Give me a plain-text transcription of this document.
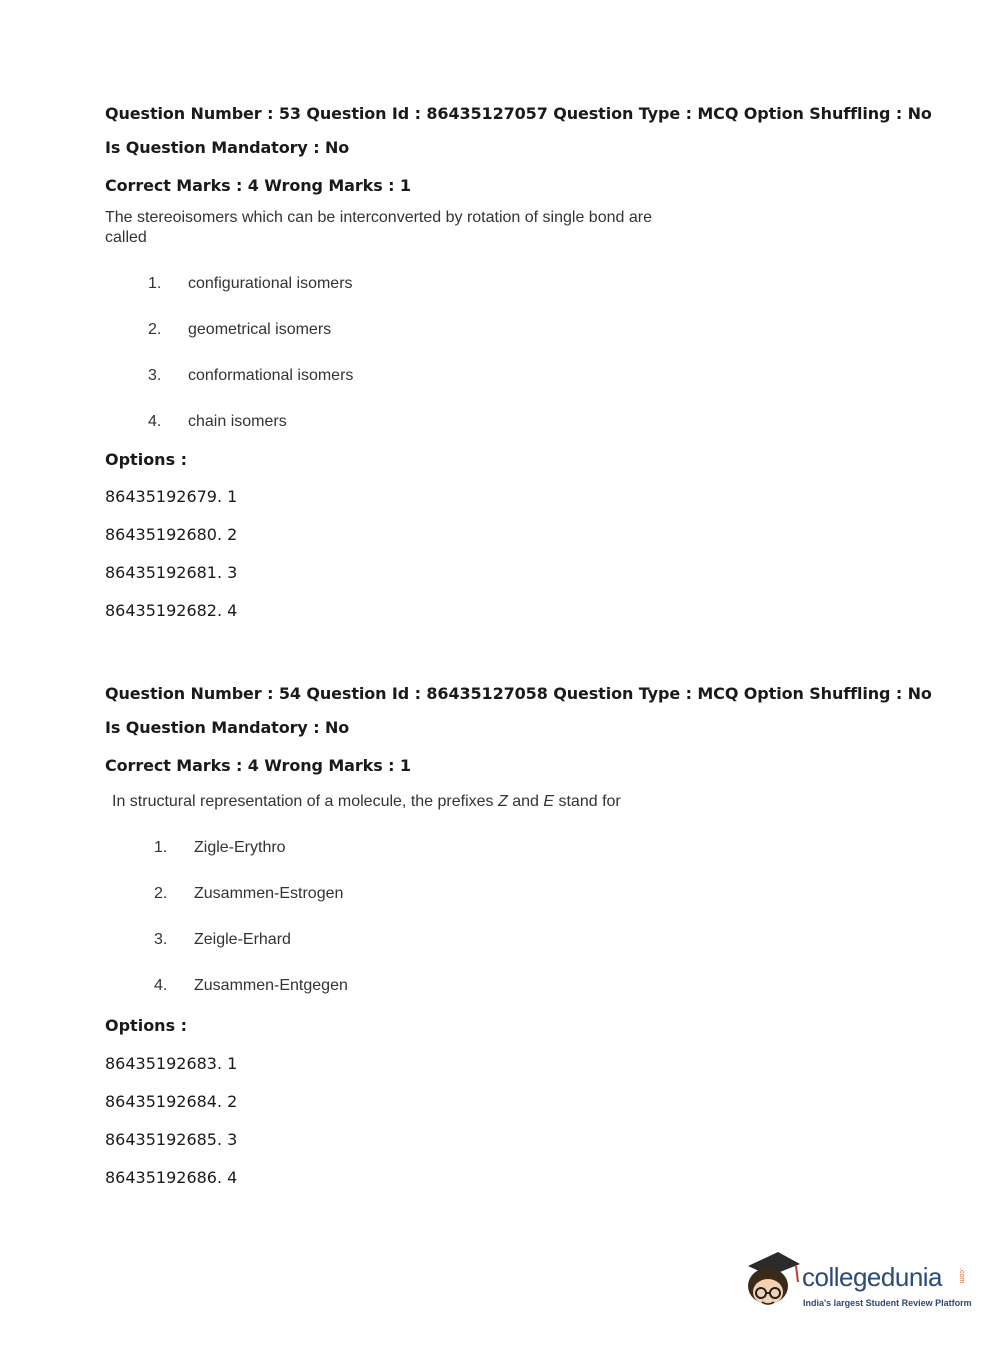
Question Number : 53 Question Id : 86435127057 Question Type : MCQ Option Shuffling : No

Is Question Mandatory : No

Correct Marks : 4 Wrong Marks : 1

The stereoisomers which can be interconverted by rotation of single bond are

called

1. configurational isomers
2. geometrical isomers
3. conformational isomers
4. chain isomers

Options :

86435192679. 1

86435192680. 2

86435192681. 3

86435192682. 4

Question Number : 54 Question Id : 86435127058 Question Type : MCQ Option Shuffling : No

Is Question Mandatory : No

Correct Marks : 4 Wrong Marks : 1

In structural representation of a molecule, the prefixes Z and E stand for

1. Zigle-Erythro
2. Zusammen-Estrogen
3. Zeigle-Erhard
4. Zusammen-Entgegen

Options :

86435192683. 1

86435192684. 2

86435192685. 3

86435192686. 4

collegedunia .com
India's largest Student Review Platform
